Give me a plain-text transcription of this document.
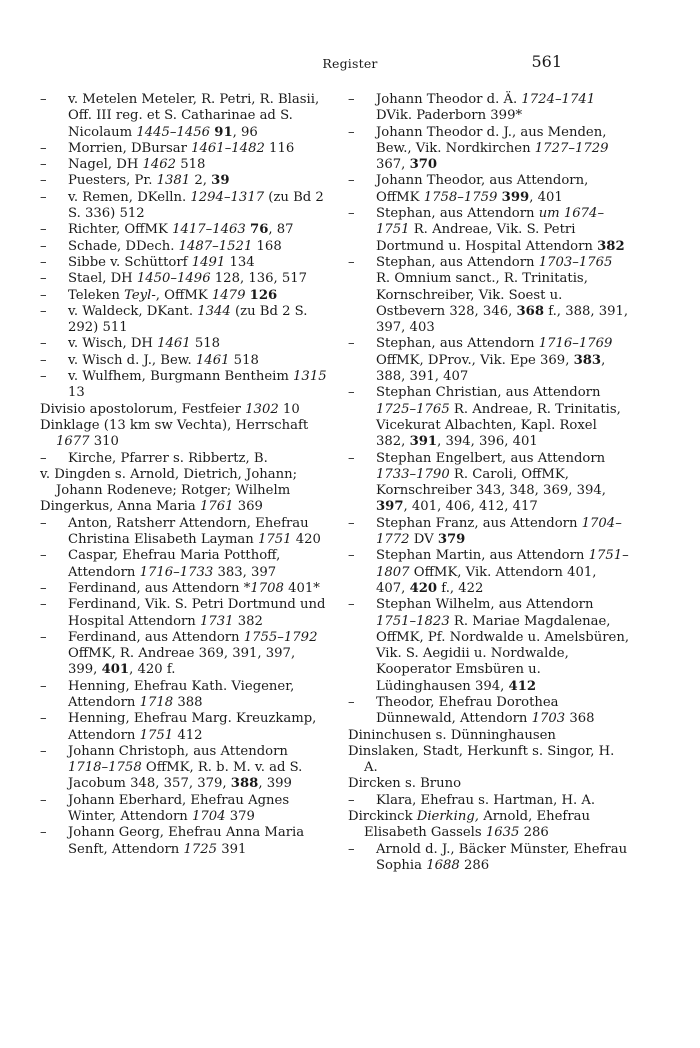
Register	561
– v. Metelen Meteler, R. Petri, R. Blasii, Off. III reg. et S. Catharinae ad S. Nicolaum 1445–1456 91, 96
– Morrien, DBursar 1461–1482 116
– Nagel, DH 1462 518
– Puesters, Pr. 1381 2, 39
– v. Remen, DKelln. 1294–1317 (zu Bd 2 S. 336) 512
– Richter, OffMK 1417–1463 76, 87
– Schade, DDech. 1487–1521 168
– Sibbe v. Schüttorf 1491 134
– Stael, DH 1450–1496 128, 136, 517
– Teleken Teyl-, OffMK 1479 126
– v. Waldeck, DKant. 1344 (zu Bd 2 S. 292) 511
– v. Wisch, DH 1461 518
– v. Wisch d. J., Bew. 1461 518
– v. Wulfhem, Burgmann Bentheim 1315 13
Divisio apostolorum, Festfeier 1302 10
Dinklage (13 km sw Vechta), Herrschaft 1677 310
– Kirche, Pfarrer s. Ribbertz, B.
v. Dingden s. Arnold, Dietrich, Johann; Johann Rodeneve; Rotger; Wilhelm
Dingerkus, Anna Maria 1761 369
– Anton, Ratsherr Attendorn, Ehefrau Christina Elisabeth Layman 1751 420
– Caspar, Ehefrau Maria Potthoff, Attendorn 1716–1733 383, 397
– Ferdinand, aus Attendorn *1708 401*
– Ferdinand, Vik. S. Petri Dortmund und Hospital Attendorn 1731 382
– Ferdinand, aus Attendorn 1755–1792 OffMK, R. Andreae 369, 391, 397, 399, 401, 420 f.
– Henning, Ehefrau Kath. Viegener, Attendorn 1718 388
– Henning, Ehefrau Marg. Kreuzkamp, Attendorn 1751 412
– Johann Christoph, aus Attendorn 1718–1758 OffMK, R. b. M. v. ad S. Jacobum 348, 357, 379, 388, 399
– Johann Eberhard, Ehefrau Agnes Winter, Attendorn 1704 379
– Johann Georg, Ehefrau Anna Maria Senft, Attendorn 1725 391
– Johann Theodor d. Ä. 1724–1741 DVik. Paderborn 399*
– Johann Theodor d. J., aus Menden, Bew., Vik. Nordkirchen 1727–1729 367, 370
– Johann Theodor, aus Attendorn, OffMK 1758–1759 399, 401
– Stephan, aus Attendorn um 1674–1751 R. Andreae, Vik. S. Petri Dortmund u. Hospital Attendorn 382
– Stephan, aus Attendorn 1703–1765 R. Omnium sanct., R. Trinitatis, Kornschreiber, Vik. Soest u. Ostbevern 328, 346, 368 f., 388, 391, 397, 403
– Stephan, aus Attendorn 1716–1769 OffMK, DProv., Vik. Epe 369, 383, 388, 391, 407
– Stephan Christian, aus Attendorn 1725–1765 R. Andreae, R. Trinitatis, Vicekurat Albachten, Kapl. Roxel 382, 391, 394, 396, 401
– Stephan Engelbert, aus Attendorn 1733–1790 R. Caroli, OffMK, Kornschreiber 343, 348, 369, 394, 397, 401, 406, 412, 417
– Stephan Franz, aus Attendorn 1704–1772 DV 379
– Stephan Martin, aus Attendorn 1751–1807 OffMK, Vik. Attendorn 401, 407, 420 f., 422
– Stephan Wilhelm, aus Attendorn 1751–1823 R. Mariae Magdalenae, OffMK, Pf. Nordwalde u. Amelsbüren, Vik. S. Aegidii u. Nordwalde, Kooperator Emsbüren u. Lüdinghausen 394, 412
– Theodor, Ehefrau Dorothea Dünnewald, Attendorn 1703 368
Dininchusen s. Dünninghausen
Dinslaken, Stadt, Herkunft s. Singor, H. A.
Dircken s. Bruno
– Klara, Ehefrau s. Hartman, H. A.
Dirckinck Dierking, Arnold, Ehefrau Elisabeth Gassels 1635 286
– Arnold d. J., Bäcker Münster, Ehefrau Sophia 1688 286
